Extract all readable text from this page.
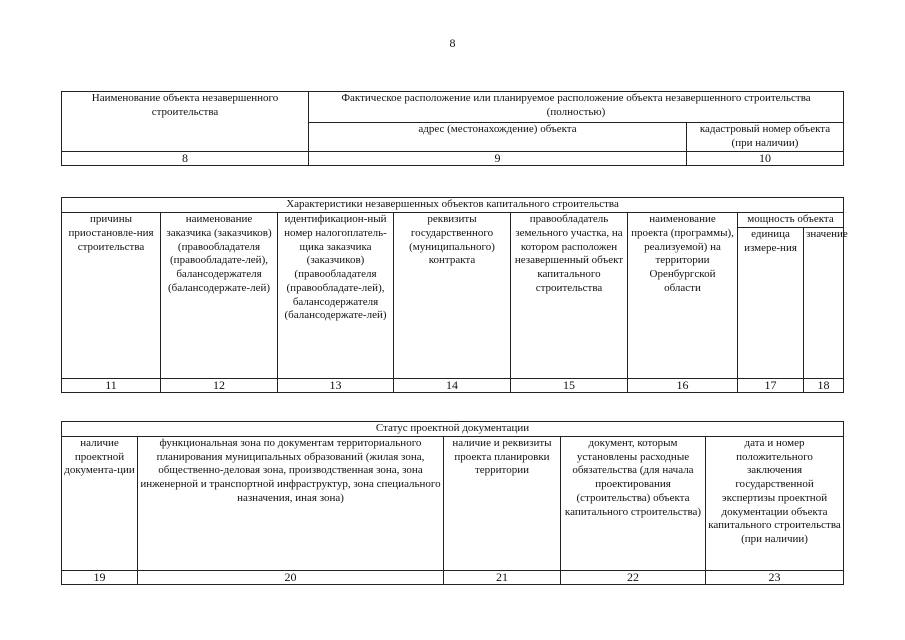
8
Наименование объекта незавершенного строительства	Фактическое расположение или планируемое расположение объекта незавершенного строительства (полностью)	
	адрес (местонахождение) объекта	кадастровый номер объекта (при наличии)
8	9	10
Характеристики незавершенных объектов капитального строительства							
причины приостановле-ния строительства	наименование заказчика (заказчиков) (правообладателя (правообладате-лей), балансодержателя (балансодержате-лей)	идентификацион-ный номер налогоплатель-щика заказчика (заказчиков) (правообладателя (правообладате-лей), балансодержателя (балансодержате-лей)	реквизиты государственного (муниципального) контракта	правообладатель земельного участка, на котором расположен незавершенный объект капитального строительства	наименование проекта (программы), реализуемой) на территории Оренбургской области	мощность объекта	
						единица измере-ния	значение
11	12	13	14	15	16	17	18
Статус проектной документации				
наличие проектной документа-ции	функциональная зона по документам территориального планирования муниципальных образований (жилая зона, общественно-деловая зона, производственная зона, зона инженерной и транспортной инфраструктур, зона специального назначения, иная зона)	наличие и реквизиты проекта планировки территории	документ, которым установлены расходные обязательства (для начала проектирования (строительства) объекта капитального строительства)	дата и номер положительного заключения государственной экспертизы проектной документации объекта капитального строительства (при наличии)
19	20	21	22	23
